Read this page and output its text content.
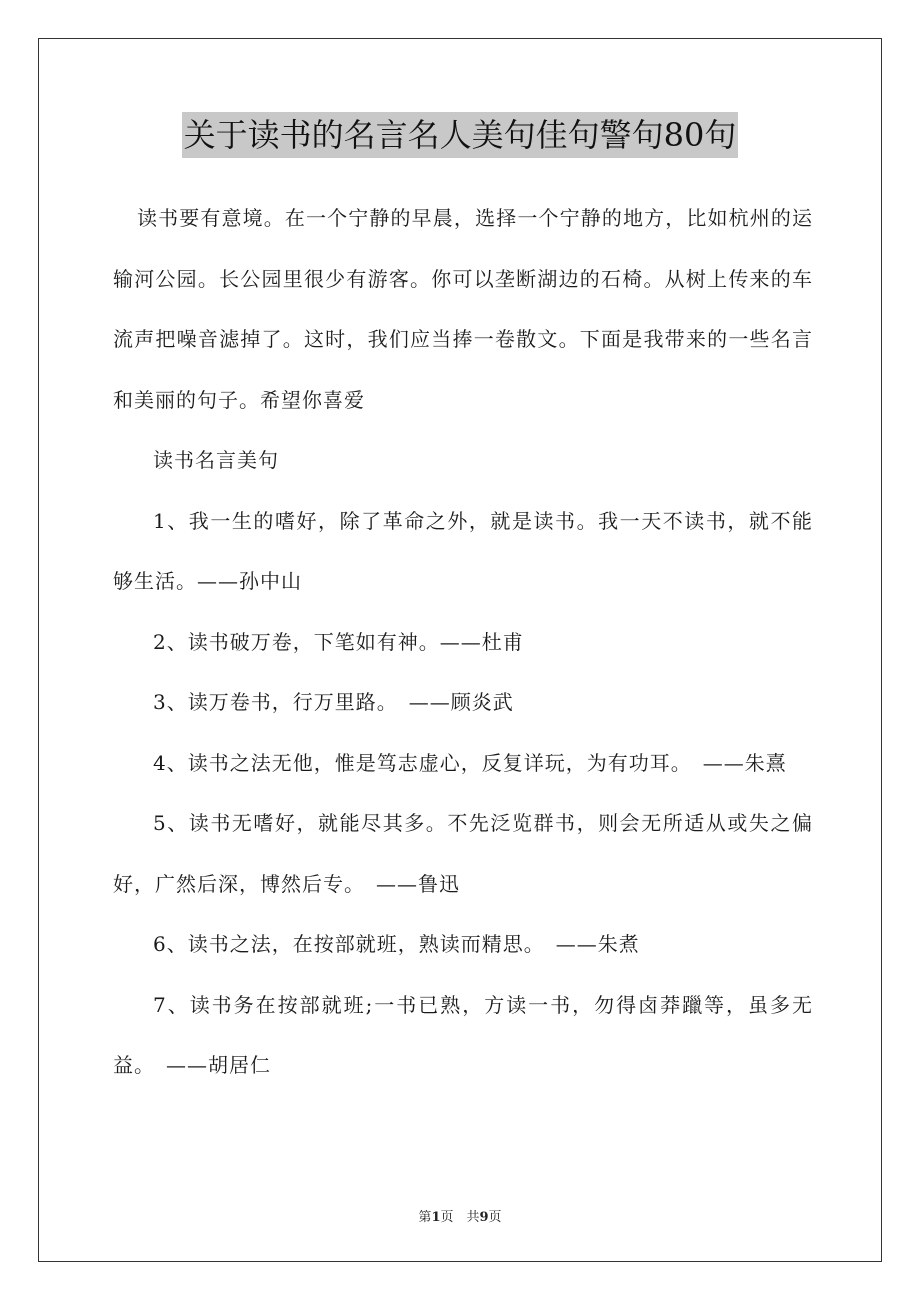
关于读书的名言名人美句佳句警句80句

读书要有意境。在一个宁静的早晨，选择一个宁静的地方，比如杭州的运输河公园。长公园里很少有游客。你可以垄断湖边的石椅。从树上传来的车流声把噪音滤掉了。这时，我们应当捧一卷散文。下面是我带来的一些名言和美丽的句子。希望你喜爱

读书名言美句

1、我一生的嗜好，除了革命之外，就是读书。我一天不读书，就不能够生活。——孙中山

2、读书破万卷，下笔如有神。——杜甫

3、读万卷书，行万里路。　——顾炎武

4、读书之法无他，惟是笃志虚心，反复详玩，为有功耳。　——朱熹

5、读书无嗜好，就能尽其多。不先泛览群书，则会无所适从或失之偏好，广然后深，博然后专。　——鲁迅

6、读书之法，在按部就班，熟读而精思。　——朱煮

7、读书务在按部就班;一书已熟，方读一书，勿得卤莽躐等，虽多无益。　——胡居仁

第1页　共9页
